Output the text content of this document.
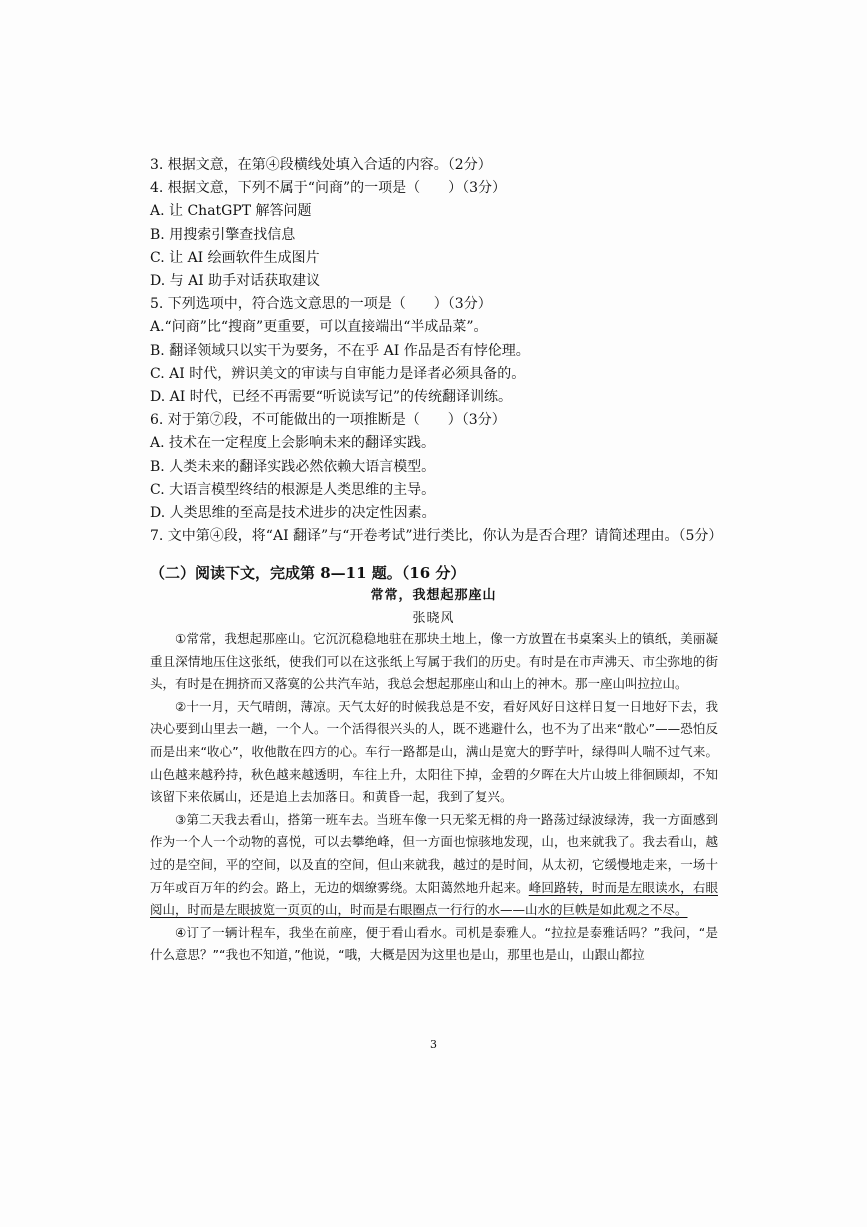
3. 根据文意，在第④段横线处填入合适的内容。（2分）
4. 根据文意，下列不属于“问商”的一项是（　　）（3分）
A. 让 ChatGPT 解答问题
B. 用搜索引擎查找信息
C. 让 AI 绘画软件生成图片
D. 与 AI 助手对话获取建议
5. 下列选项中，符合选文意思的一项是（　　）（3分）
A.“问商”比“搜商”更重要，可以直接端出“半成品菜”。
B. 翻译领域只以实干为要务，不在乎 AI 作品是否有悖伦理。
C. AI 时代，辨识美文的审读与自审能力是译者必须具备的。
D. AI 时代，已经不再需要“听说读写记”的传统翻译训练。
6. 对于第⑦段，不可能做出的一项推断是（　　）（3分）
A. 技术在一定程度上会影响未来的翻译实践。
B. 人类未来的翻译实践必然依赖大语言模型。
C. 大语言模型终结的根源是人类思维的主导。
D. 人类思维的至高是技术进步的决定性因素。
7. 文中第④段，将“AI 翻译”与“开卷考试”进行类比，你认为是否合理？请简述理由。（5分）
（二）阅读下文，完成第 8—11 题。（16 分）
常常，我想起那座山
张晓风

①常常，我想起那座山。它沉沉稳稳地驻在那块土地上，像一方放置在书桌案头上的镇纸，美丽凝重且深情地压住这张纸，使我们可以在这张纸上写属于我们的历史。有时是在市声沸天、市尘弥地的街头，有时是在拥挤而又落寞的公共汽车站，我总会想起那座山和山上的神木。那一座山叫拉拉山。

②十一月，天气晴朗，薄凉。天气太好的时候我总是不安，看好风好日这样日复一日地好下去，我决心要到山里去一趟，一个人。一个活得很兴头的人，既不逃避什么，也不为了出来“散心”——恐怕反而是出来“收心”，收他散在四方的心。车行一路都是山，满山是宽大的野芋叶，绿得叫人喘不过气来。山色越来越矜持，秋色越来越透明，车往上升，太阳往下掉，金碧的夕晖在大片山坡上徘徊顾却，不知该留下来依属山，还是追上去加落日。和黄昏一起，我到了复兴。

③第二天我去看山，搭第一班车去。当班车像一只无桨无楫的舟一路荡过绿波绿涛，我一方面感到作为一个人一个动物的喜悦，可以去攀绝峰，但一方面也惊骇地发现，山，也来就我了。我去看山，越过的是空间，平的空间，以及直的空间，但山来就我，越过的是时间，从太初，它缓慢地走来，一场十万年或百万年的约会。路上，无边的烟缭雾绕。太阳蔼然地升起来。峰回路转，时而是左眼读水，右眼阅山，时而是左眼披览一页页的山，时而是右眼圈点一行行的水——山水的巨帙是如此观之不尽。

④订了一辆计程车，我坐在前座，便于看山看水。司机是泰雅人。“拉拉是泰雅话吗？”我问，“是什么意思？”“我也不知道，”他说，“哦，大概是因为这里也是山，那里也是山，山跟山都拉

3
